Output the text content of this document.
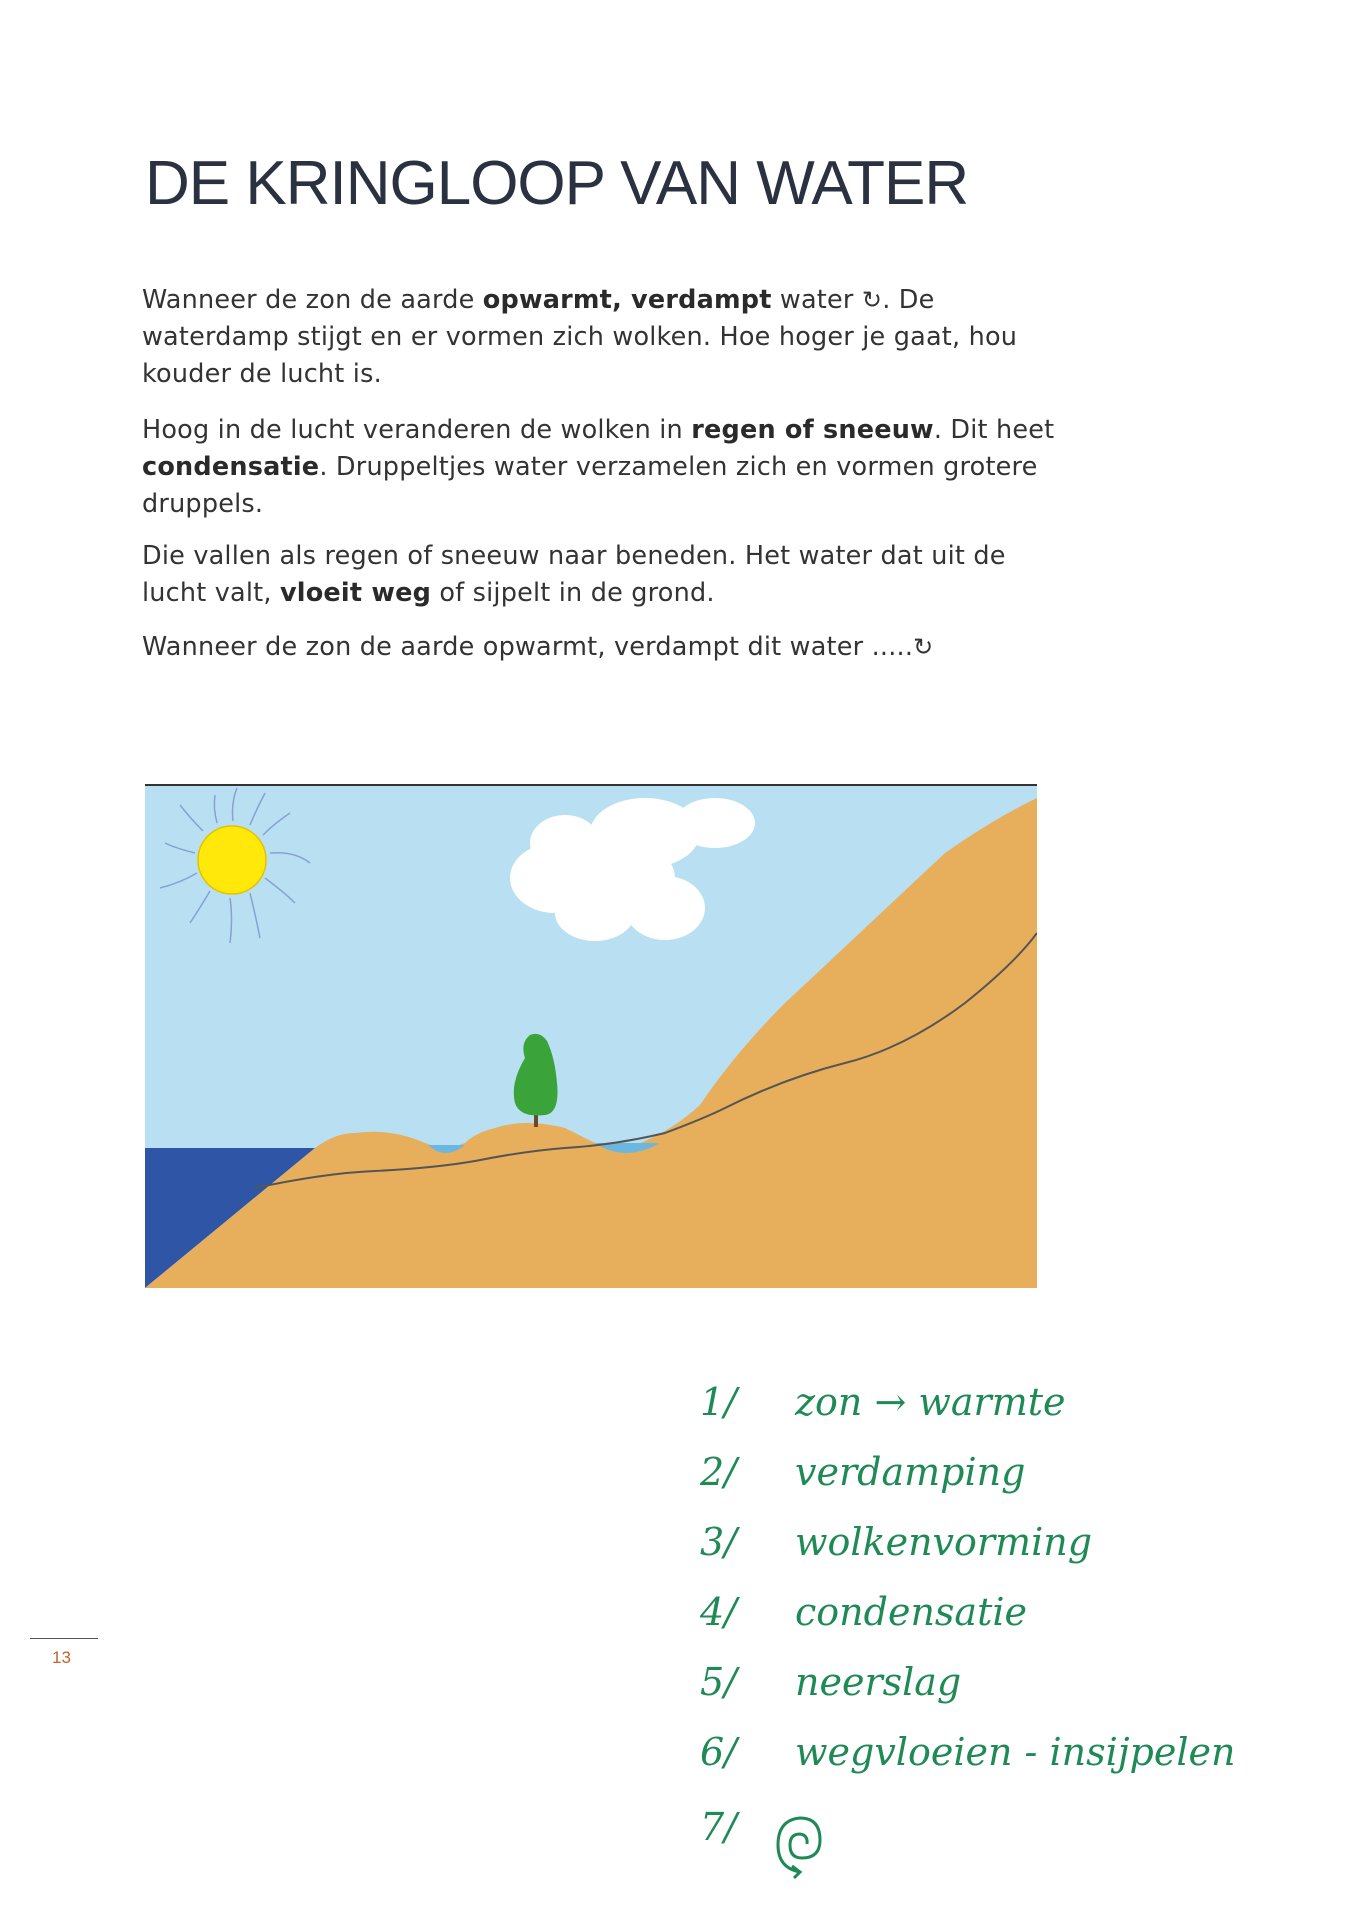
DE KRINGLOOP VAN WATER

Wanneer de zon de aarde opwarmt, verdampt water ↻. De waterdamp stijgt en er vormen zich wolken. Hoe hoger je gaat, hou kouder de lucht is.

Hoog in de lucht veranderen de wolken in regen of sneeuw. Dit heet condensatie. Druppeltjes water verzamelen zich en vormen grotere druppels.

Die vallen als regen of sneeuw naar beneden. Het water dat uit de lucht valt, vloeit weg of sijpelt in de grond.

Wanneer de zon de aarde opwarmt, verdampt dit water .....↻

13
1/ zon → warmte
2/ verdamping
3/ wolkenvorming
4/ condensatie
5/ neerslag
6/ wegvloeien - insijpelen
7/
